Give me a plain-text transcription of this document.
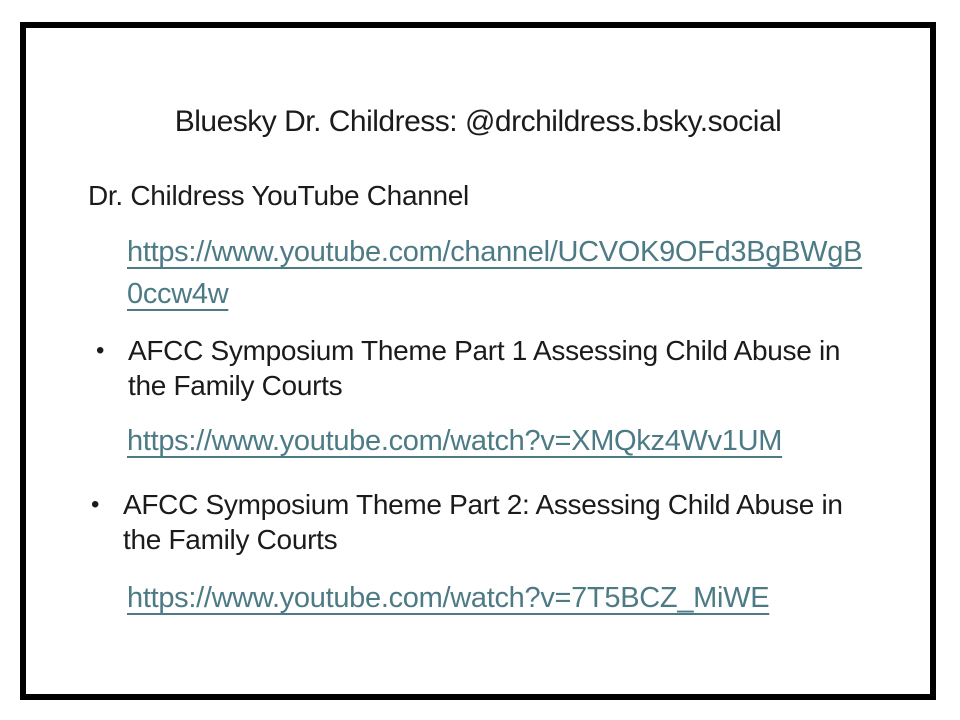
Bluesky Dr. Childress: @drchildress.bsky.social
Dr. Childress YouTube Channel
https://www.youtube.com/channel/UCVOK9OFd3BgBWgB
0ccw4w
• AFCC Symposium Theme Part 1 Assessing Child Abuse in
the Family Courts
https://www.youtube.com/watch?v=XMQkz4Wv1UM
• AFCC Symposium Theme Part 2: Assessing Child Abuse in
the Family Courts
https://www.youtube.com/watch?v=7T5BCZ_MiWE
